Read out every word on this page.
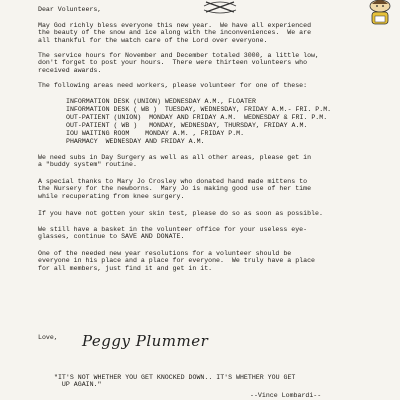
Dear Volunteers,

May God richly bless everyone this new year.  We have all experienced
the beauty of the snow and ice along with the inconveniences.  We are
all thankful for the watch care of the Lord over everyone.

The service hours for November and December totaled 3000, a little low,
don't forget to post your hours.  There were thirteen volunteers who
received awards.

The following areas need workers, please volunteer for one of these:

INFORMATION DESK (UNION) WEDNESDAY A.M., FLOATER
INFORMATION DESK ( WB )  TUESDAY, WEDNESDAY, FRIDAY A.M.- FRI. P.M.
OUT-PATIENT (UNION)  MONDAY AND FRIDAY A.M.  WEDNESDAY & FRI. P.M.
OUT-PATIENT ( WB )   MONDAY, WEDNESDAY, THURSDAY, FRIDAY A.M.
IOU WAITING ROOM    MONDAY A.M. , FRIDAY P.M.
PHARMACY  WEDNESDAY AND FRIDAY A.M.

We need subs in Day Surgery as well as all other areas, please get in
a "buddy system" routine.

A special thanks to Mary Jo Crosley who donated hand made mittens to
the Nursery for the newborns.  Mary Jo is making good use of her time
while recuperating from knee surgery.

If you have not gotten your skin test, please do so as soon as possible.

We still have a basket in the volunteer office for your useless eye-
glasses, continue to SAVE AND DONATE.

One of the needed new year resolutions for a volunteer should be
everyone in his place and a place for everyone.  We truly have a place
for all members, just find it and get in it.

Love,	Peggy Plummer
"IT'S NOT WHETHER YOU GET KNOCKED DOWN.. IT'S WHETHER YOU GET
UP AGAIN."
--Vince Lombardi--
